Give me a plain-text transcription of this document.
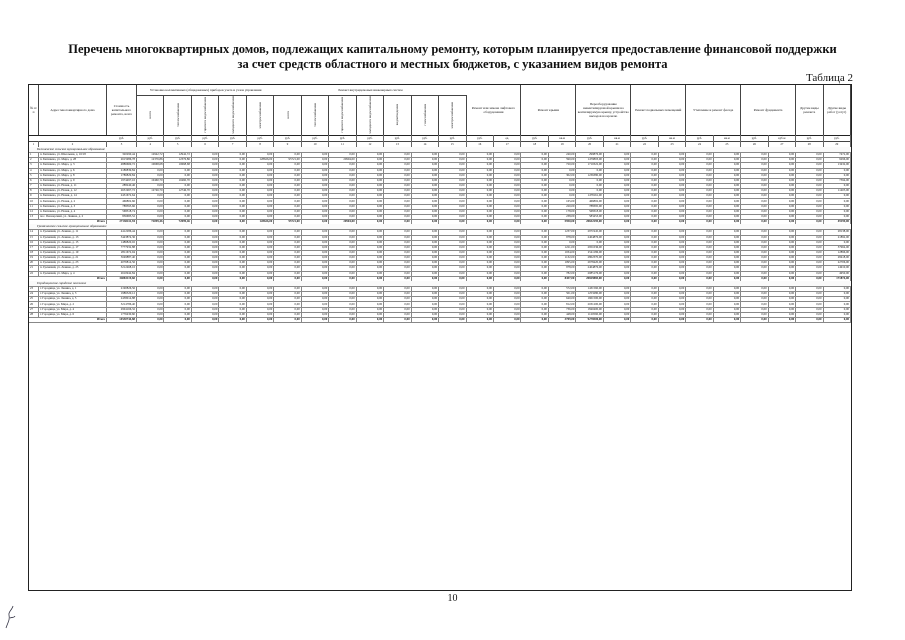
Перечень многоквартирных домов, подлежащих капитальному ремонту, которым планируется предоставление финансовой поддержки
за счет средств областного и местных бюджетов, с указанием видов ремонта
Таблица 2
№ п/п	Адрес многоквартирного дома
Стоимость капитального ремонта, всего
Установка коллективных (общедомовых) приборов учета и узлов управления
всего	теплоснабжения	горячего водоснабжения	холодного водоснабжения	электроснабжения
Ремонт внутридомовых инженерных систем
всего	теплоснабжения	горячего водоснабжения	холодного водоснабжения	водоотведения	газоснабжения	электроснабжения	Ремонт или замена лифтового оборудования	Ремонт крыши
Переоборудование невентилируемой крыши на вентилируемую крышу, устройство выходов на кровлю
Ремонт подвальных помещений	Утепление и ремонт фасада	Ремонт фундамента	Другие виды ремонта
Другие виды работ (услуг)
руб.	руб.	руб.	руб.	руб.	руб.	руб.	руб.	руб.	руб.	руб.	руб.	руб.	руб.	ед.	руб.	кв.м	руб.	кв.м	руб.	кв.м	руб.	кв.м	руб.	куб.м	руб.	руб.
1	2	3	4	5	6	7	8	9	10	11	12	13	14	15	16	17	18	19	20	21	22	23	24	25	26	27	28	29
Бегишевское сельское муниципальное образование
1	п. Бегишево, ул. Школьная, д. 16/18	320290,44	12942,72	12942,72	0,00	0,00	0,00	0,00	0,00	0,00	0,00	0,00	0,00	0,00	0,00	0,00	0,00	240,00	299876,00	0,00	0,00	0,00	0,00	0,00	0,00	0,00	0,00	7472,00
2	п. Бегишево, ул. Мира, д. 28	2615986,78	12376,86	12376,86	0,00	0,00	128626,00	95721,00	0,00	20904,00	0,00	0,00	0,00	0,00	0,00	0,00	0,00	590,00	1479803,00	0,00	0,00	0,00	0,00	0,00	0,00	0,00	0,00	9296,00
3	п. Бегишево, ул. Мира, д. 3	4886669,72	10668,68	10668,68	0,00	0,00	0,00	0,00	0,00	0,00	0,00	0,00	0,00	0,00	0,00	0,00	0,00	720,00	1710322,00	0,00	0,00	0,00	0,00	0,00	0,00	0,00	0,00	13432,00
4	п. Бегишево, ул. Мира, д. 6	2186839,84	0,00	0,00	0,00	0,00	0,00	0,00	0,00	0,00	0,00	0,00	0,00	0,00	0,00	0,00	0,00	0,00	0,00	0,00	0,00	0,00	0,00	0,00	0,00	0,00	0,00	0,00
5	п. Бегишево, ул. Мира, д. 8	1786829,84	0,00	0,00	0,00	0,00	0,00	0,00	0,00	0,00	0,00	0,00	0,00	0,00	0,00	0,00	0,00	302,00	1236380,00	0,00	0,00	0,00	0,00	0,00	0,00	0,00	0,00	0,00
6	п. Бегишево, ул. Мира, д. 9	1974497,16	10460,70	10460,70	0,00	0,00	0,00	0,00	0,00	0,00	0,00	0,00	0,00	0,00	0,00	0,00	0,00	0,00	0,00	0,00	0,00	0,00	0,00	0,00	0,00	0,00	0,00	7594,00
7	п. Бегишево, ул. Новая, д. 11	288240,46	0,00	0,00	0,00	0,00	0,00	0,00	0,00	0,00	0,00	0,00	0,00	0,00	0,00	0,00	0,00	0,00	0,00	0,00	0,00	0,00	0,00	0,00	0,00	0,00	0,00	0,00
8	п. Бегишево, ул. Новая, д. 12	2651967,72	12746,70	12746,70	0,00	0,00	0,00	0,00	0,00	0,00	0,00	0,00	0,00	0,00	0,00	0,00	0,00	0,00	0,00	0,00	0,00	0,00	0,00	0,00	0,00	0,00	0,00	11405,00
9	п. Бегишево, ул. Новая, д. 14	2451672,64	0,00	0,00	0,00	0,00	0,00	0,00	0,00	0,00	0,00	0,00	0,00	0,00	0,00	0,00	0,00	0,00	1478161,00	0,00	0,00	0,00	0,00	0,00	0,00	0,00	0,00	0,00
10	п. Бегишево, ул. Новая, д. 2	466802,66	0,00	0,00	0,00	0,00	0,00	0,00	0,00	0,00	0,00	0,00	0,00	0,00	0,00	0,00	0,00	165,00	466802,00	0,00	0,00	0,00	0,00	0,00	0,00	0,00	0,00	0,00
11	п. Бегишево, ул. Новая, д. 3	788395,66	0,00	0,00	0,00	0,00	0,00	0,00	0,00	0,00	0,00	0,00	0,00	0,00	0,00	0,00	0,00	220,00	788395,00	0,00	0,00	0,00	0,00	0,00	0,00	0,00	0,00	0,00
12	п. Бегишево, ул. Новая, д. 4	568318,74	0,00	0,00	0,00	0,00	0,00	0,00	0,00	0,00	0,00	0,00	0,00	0,00	0,00	0,00	0,00	178,00	568318,00	0,00	0,00	0,00	0,00	0,00	0,00	0,00	0,00	0,00
13	пос. Пионерский, ул. Ленина, д. 2	836683,52	0,00	0,00	0,00	0,00	0,00	0,00	0,00	0,00	0,00	0,00	0,00	0,00	0,00	0,00	0,00	238,00	583453,00	0,00	0,00	0,00	0,00	0,00	0,00	0,00	0,00	0,00
Итого	27138411,94	72099,46	72099,46	0,00	0,00	128626,00	95721,00	0,00	20904,00	0,00	0,00	0,00	0,00	0,00	0,00	0,00	5950,00	20652295,00	0,00	0,00	0,00	0,00	0,00	0,00	0,00	0,00	49199,00
Гремячинское сельское муниципальное образование
14	п. Гремячий, ул. Ленина, д. 11	4412286,44	0,00	0,00	0,00	0,00	0,00	0,00	0,00	0,00	0,00	0,00	0,00	0,00	0,00	0,00	0,00	1237,00	2971945,00	0,00	0,00	0,00	0,00	0,00	0,00	0,00	0,00	28138,00
15	п. Гремячий, ул. Ленина, д. 13	3443874,36	0,00	0,00	0,00	0,00	0,00	0,00	0,00	0,00	0,00	0,00	0,00	0,00	0,00	0,00	0,00	978,00	2404876,00	0,00	0,00	0,00	0,00	0,00	0,00	0,00	0,00	21892,00
16	п. Гремячий, ул. Ленина, д. 15	1486820,02	0,00	0,00	0,00	0,00	0,00	0,00	0,00	0,00	0,00	0,00	0,00	0,00	0,00	0,00	0,00	0,00	0,00	0,00	0,00	0,00	0,00	0,00	0,00	0,00	0,00	0,00
17	п. Гремячий, ул. Ленина, д. 17	7777932,88	0,00	0,00	0,00	0,00	0,00	0,00	0,00	0,00	0,00	0,00	0,00	0,00	0,00	0,00	0,00	1221,00	2951036,00	0,00	0,00	0,00	0,00	0,00	0,00	0,00	0,00	37964,00
18	п. Гремячий, ул. Ленина, д. 19	2811672,94	0,00	0,00	0,00	0,00	0,00	0,00	0,00	0,00	0,00	0,00	0,00	0,00	0,00	0,00	0,00	1034,00	2541186,00	0,00	0,00	0,00	0,00	0,00	0,00	0,00	0,00	12896,00
19	п. Гремячий, ул. Ленина, д. 21	5049887,40	0,00	0,00	0,00	0,00	0,00	0,00	0,00	0,00	0,00	0,00	0,00	0,00	0,00	0,00	0,00	1132,00	2802370,00	0,00	0,00	0,00	0,00	0,00	0,00	0,00	0,00	28418,00
20	п. Гремячий, ул. Ленина, д. 23	4076814,56	0,00	0,00	0,00	0,00	0,00	0,00	0,00	0,00	0,00	0,00	0,00	0,00	0,00	0,00	0,00	1095,00	2678420,00	0,00	0,00	0,00	0,00	0,00	0,00	0,00	0,00	22706,00
21	п. Гремячий, ул. Ленина, д. 25	3212468,16	0,00	0,00	0,00	0,00	0,00	0,00	0,00	0,00	0,00	0,00	0,00	0,00	0,00	0,00	0,00	978,00	2404876,00	0,00	0,00	0,00	0,00	0,00	0,00	0,00	0,00	14910,00
22	п. Гремячий, ул. Мира, д. 4	2610942,84	0,00	0,00	0,00	0,00	0,00	0,00	0,00	0,00	0,00	0,00	0,00	0,00	0,00	0,00	0,00	782,00	2085176,00	0,00	0,00	0,00	0,00	0,00	0,00	0,00	0,00	4950,00
Итого	34883119,60	0,00	0,00	0,00	0,00	0,00	0,00	0,00	0,00	0,00	0,00	0,00	0,00	0,00	0,00	0,00	8457,00	20829885,00	0,00	0,00	0,00	0,00	0,00	0,00	0,00	0,00	171874,00
Городищенское городское поселение
23	г. Городище, ул. Ленина, д. 1	2190826,56	0,00	0,00	0,00	0,00	0,00	0,00	0,00	0,00	0,00	0,00	0,00	0,00	0,00	0,00	0,00	572,00	1431560,00	0,00	0,00	0,00	0,00	0,00	0,00	0,00	0,00	0,00
24	г. Городище, ул. Ленина, д. 3	1986520,12	0,00	0,00	0,00	0,00	0,00	0,00	0,00	0,00	0,00	0,00	0,00	0,00	0,00	0,00	0,00	501,00	1253280,00	0,00	0,00	0,00	0,00	0,00	0,00	0,00	0,00	0,00
25	г. Городище, ул. Ленина, д. 5	2458014,88	0,00	0,00	0,00	0,00	0,00	0,00	0,00	0,00	0,00	0,00	0,00	0,00	0,00	0,00	0,00	640,00	1601500,00	0,00	0,00	0,00	0,00	0,00	0,00	0,00	0,00	0,00
26	г. Городище, ул. Мира, д. 2	3214786,40	0,00	0,00	0,00	0,00	0,00	0,00	0,00	0,00	0,00	0,00	0,00	0,00	0,00	0,00	0,00	812,00	2031200,00	0,00	0,00	0,00	0,00	0,00	0,00	0,00	0,00	0,00
27	г. Городище, ул. Мира, д. 4	2904166,32	0,00	0,00	0,00	0,00	0,00	0,00	0,00	0,00	0,00	0,00	0,00	0,00	0,00	0,00	0,00	736,00	1840400,00	0,00	0,00	0,00	0,00	0,00	0,00	0,00	0,00	0,00
28	г. Городище, ул. Мира, д. 6	1776430,60	0,00	0,00	0,00	0,00	0,00	0,00	0,00	0,00	0,00	0,00	0,00	0,00	0,00	0,00	0,00	448,00	1120560,00	0,00	0,00	0,00	0,00	0,00	0,00	0,00	0,00	0,00
Итого	14530744,88	0,00	0,00	0,00	0,00	0,00	0,00	0,00	0,00	0,00	0,00	0,00	0,00	0,00	0,00	0,00	3709,00	9278500,00	0,00	0,00	0,00	0,00	0,00	0,00	0,00	0,00	0,00
10
